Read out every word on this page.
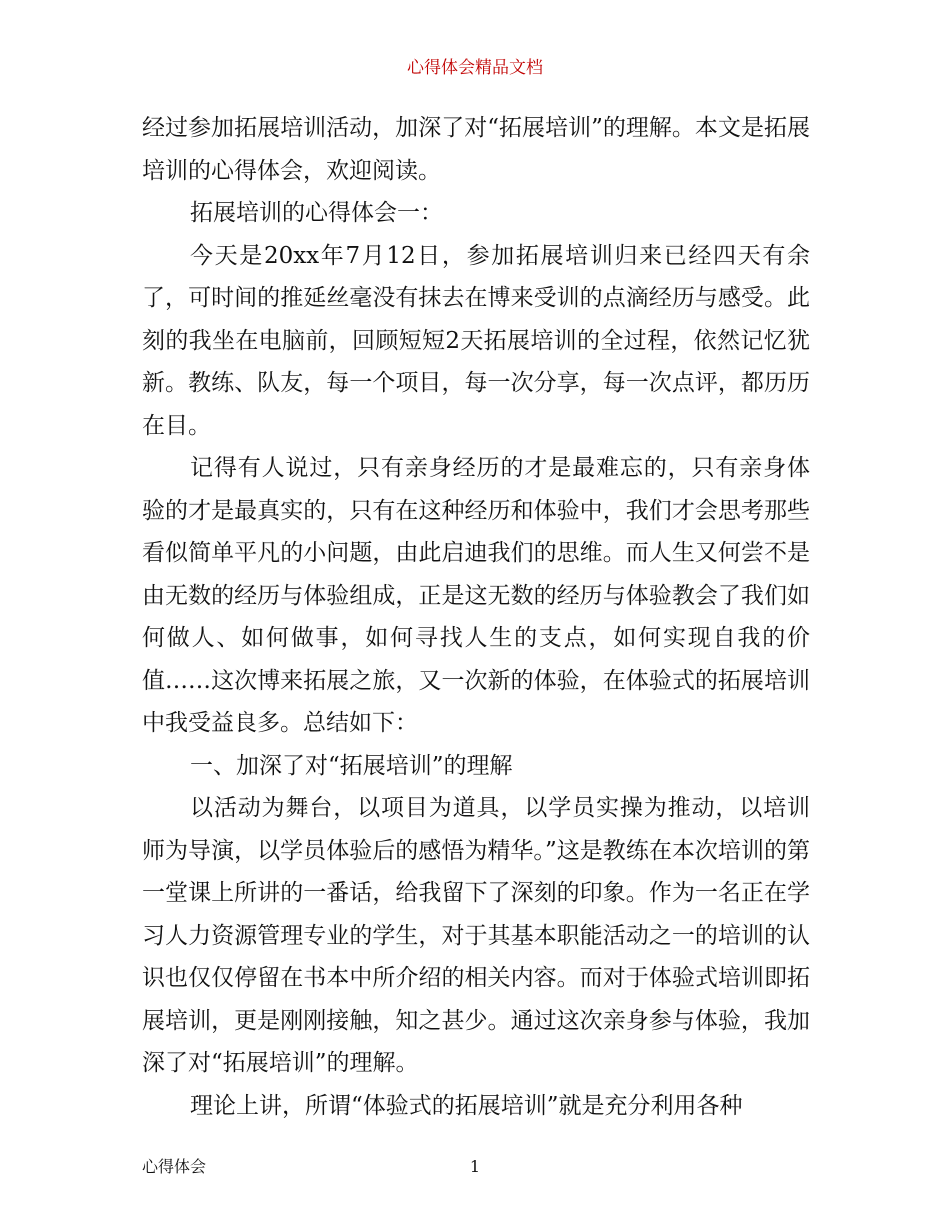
心得体会精品文档

经过参加拓展培训活动，加深了对“拓展培训”的理解。本文是拓展培训的心得体会，欢迎阅读。

拓展培训的心得体会一：

今天是20xx年7月12日，参加拓展培训归来已经四天有余了，可时间的推延丝毫没有抹去在博来受训的点滴经历与感受。此刻的我坐在电脑前，回顾短短2天拓展培训的全过程，依然记忆犹新。教练、队友，每一个项目，每一次分享，每一次点评，都历历在目。

记得有人说过，只有亲身经历的才是最难忘的，只有亲身体验的才是最真实的，只有在这种经历和体验中，我们才会思考那些看似简单平凡的小问题，由此启迪我们的思维。而人生又何尝不是由无数的经历与体验组成，正是这无数的经历与体验教会了我们如何做人、如何做事，如何寻找人生的支点，如何实现自我的价值……这次博来拓展之旅，又一次新的体验，在体验式的拓展培训中我受益良多。总结如下：

一、加深了对“拓展培训”的理解

以活动为舞台，以项目为道具，以学员实操为推动，以培训师为导演，以学员体验后的感悟为精华。”这是教练在本次培训的第一堂课上所讲的一番话，给我留下了深刻的印象。作为一名正在学习人力资源管理专业的学生，对于其基本职能活动之一的培训的认识也仅仅停留在书本中所介绍的相关内容。而对于体验式培训即拓展培训，更是刚刚接触，知之甚少。通过这次亲身参与体验，我加深了对“拓展培训”的理解。

理论上讲，所谓“体验式的拓展培训”就是充分利用各种

心得体会	1
